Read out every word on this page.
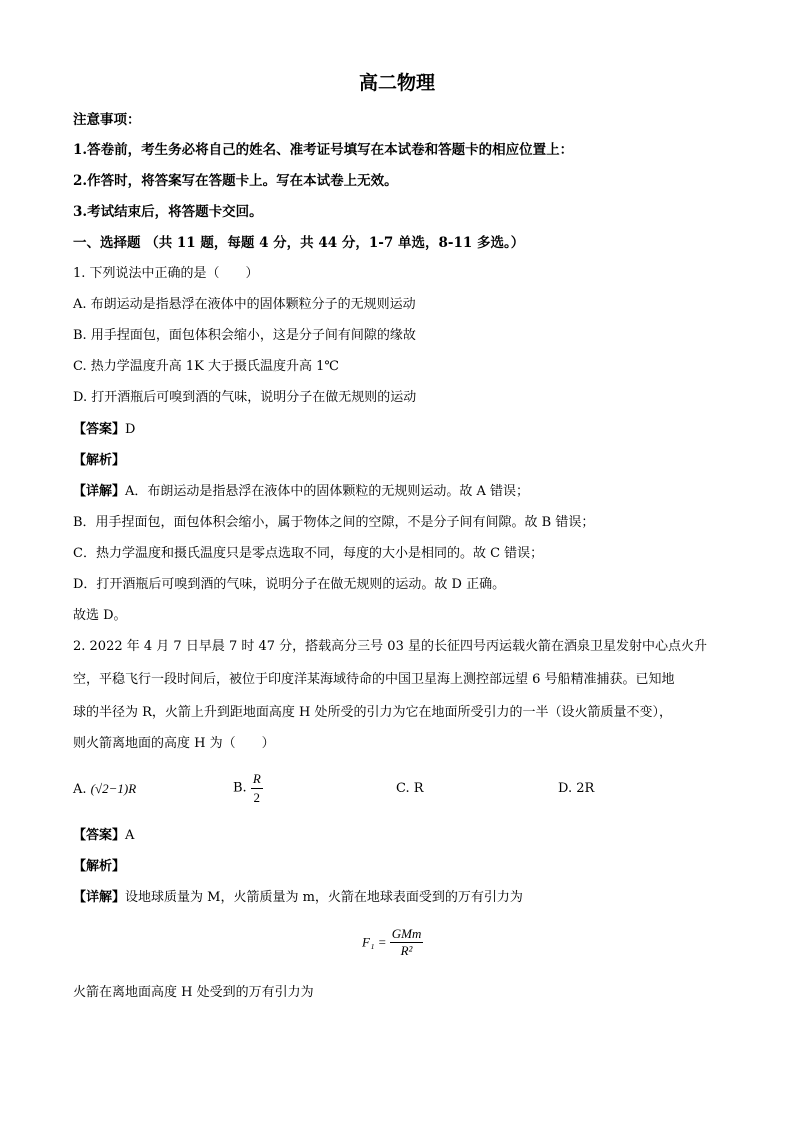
高二物理
注意事项：
1.答卷前，考生务必将自己的姓名、准考证号填写在本试卷和答题卡的相应位置上：
2.作答时，将答案写在答题卡上。写在本试卷上无效。
3.考试结束后，将答题卡交回。
一、选择题 （共 11 题，每题 4 分，共 44 分，1-7 单选，8-11 多选。）
1. 下列说法中正确的是（　　）
A. 布朗运动是指悬浮在液体中的固体颗粒分子的无规则运动
B. 用手捏面包，面包体积会缩小，这是分子间有间隙的缘故
C. 热力学温度升高 1K 大于摄氏温度升高 1℃
D. 打开酒瓶后可嗅到酒的气味，说明分子在做无规则的运动
【答案】D
【解析】
【详解】A．布朗运动是指悬浮在液体中的固体颗粒的无规则运动。故 A 错误；
B．用手捏面包，面包体积会缩小，属于物体之间的空隙，不是分子间有间隙。故 B 错误；
C．热力学温度和摄氏温度只是零点选取不同，每度的大小是相同的。故 C 错误；
D．打开酒瓶后可嗅到酒的气味，说明分子在做无规则的运动。故 D 正确。
故选 D。
2. 2022 年 4 月 7 日早晨 7 时 47 分，搭载高分三号 03 星的长征四号丙运载火箭在酒泉卫星发射中心点火升
空，平稳飞行一段时间后，被位于印度洋某海域待命的中国卫星海上测控部远望 6 号船精准捕获。已知地
球的半径为 R，火箭上升到距地面高度 H 处所受的引力为它在地面所受引力的一半（设火箭质量不变），
则火箭离地面的高度 H 为（　　）
A. (√2−1)R	B. $\frac{R}{2}$	C. R	D. 2R
【答案】A
【解析】
【详解】设地球质量为 M，火箭质量为 m，火箭在地球表面受到的万有引力为
$F_1 = \frac{\text{GMm}}{\text{R²}}$
火箭在离地面高度 H 处受到的万有引力为
